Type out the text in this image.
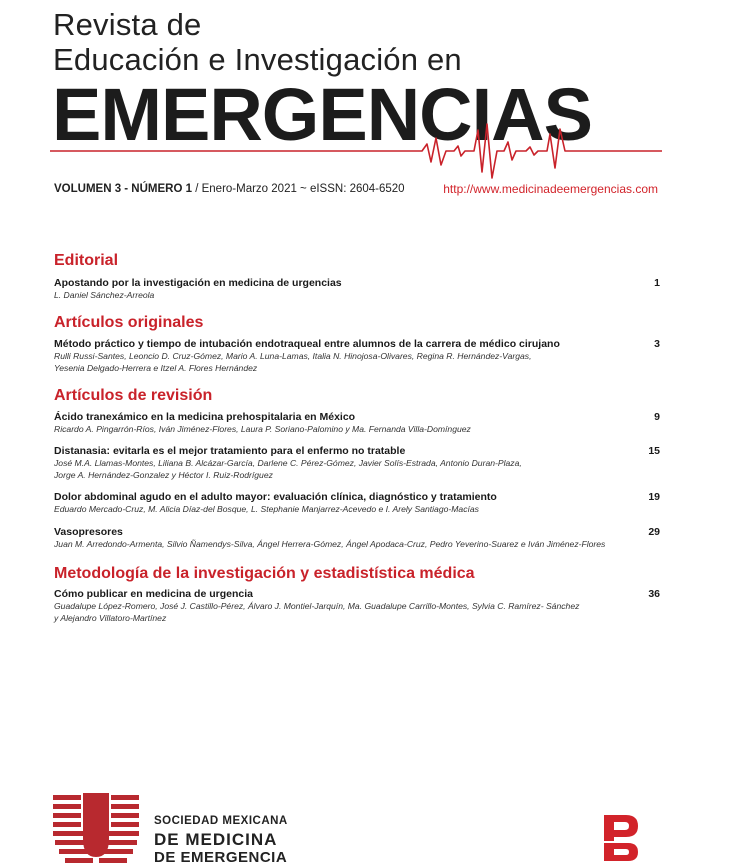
Revista de
Educación e Investigación en
EMERGENCIAS
VOLUMEN 3 - NÚMERO 1 / Enero-Marzo 2021 ~ eISSN: 2604-6520	http://www.medicinadeemergencias.com
Editorial
Apostando por la investigación en medicina de urgencias
L. Daniel Sánchez-Arreola
1
Artículos originales
Método práctico y tiempo de intubación endotraqueal entre alumnos de la carrera de médico cirujano
Rulli Russi-Santes, Leoncio D. Cruz-Gómez, Mario A. Luna-Lamas, Italia N. Hinojosa-Olivares, Regina R. Hernández-Vargas,
Yesenia Delgado-Herrera e Itzel A. Flores Hernández
3
Artículos de revisión
Ácido tranexámico en la medicina prehospitalaria en México
Ricardo A. Pingarrón-Ríos, Iván Jiménez-Flores, Laura P. Soriano-Palomino y Ma. Fernanda Villa-Domínguez
9
Distanasia: evitarla es el mejor tratamiento para el enfermo no tratable
José M.A. Llamas-Montes, Liliana B. Alcázar-García, Darlene C. Pérez-Gómez, Javier Solís-Estrada, Antonio Duran-Plaza,
Jorge A. Hernández-Gonzalez y Héctor I. Ruiz-Rodríguez
15
Dolor abdominal agudo en el adulto mayor: evaluación clínica, diagnóstico y tratamiento
Eduardo Mercado-Cruz, M. Alicia Díaz-del Bosque, L. Stephanie Manjarrez-Acevedo e I. Arely Santiago-Macías
19
Vasopresores
Juan M. Arredondo-Armenta, Silvio Ñamendys-Silva, Ángel Herrera-Gómez, Ángel Apodaca-Cruz, Pedro Yeverino-Suarez e Iván Jiménez-Flores
29
Metodología de la investigación y estadistística médica
Cómo publicar en medicina de urgencia
Guadalupe López-Romero, José J. Castillo-Pérez, Álvaro J. Montiel-Jarquín, Ma. Guadalupe Carrillo-Montes, Sylvia C. Ramírez- Sánchez
y Alejandro Villatoro-Martínez
36
SOCIEDAD MEXICANA
DE MEDICINA
DE EMERGENCIA
